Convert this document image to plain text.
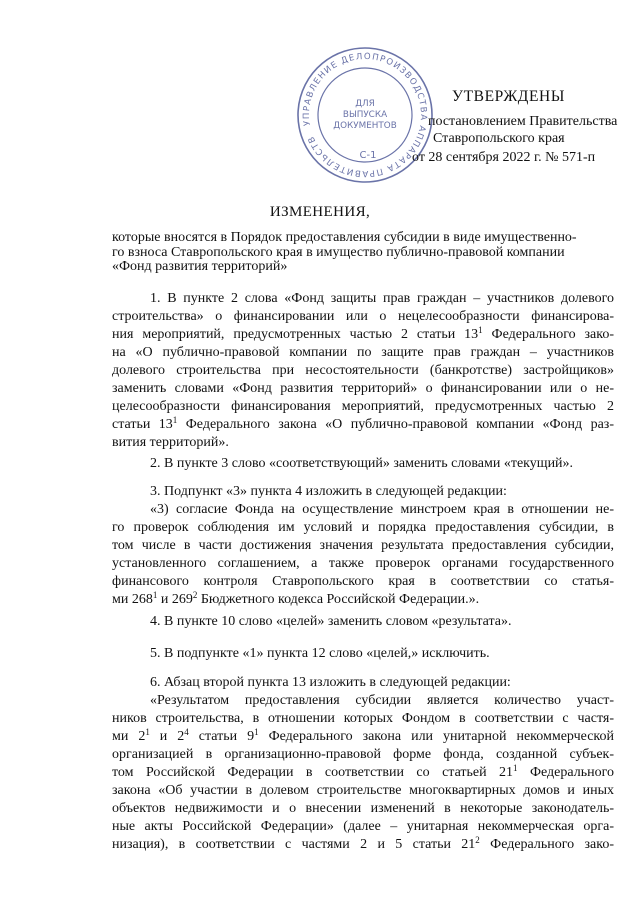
УПРАВЛЕНИЕ ДЕЛОПРОИЗВОДСТВА АППАРАТА ПРАВИТЕЛЬСТВА
ДЛЯ
ВЫПУСКА
ДОКУМЕНТОВ
С-1
УТВЕРЖДЕНЫ
постановлением Правительства
Ставропольского края
от 28 сентября 2022 г. № 571-п
ИЗМЕНЕНИЯ,
которые вносятся в Порядок предоставления субсидии в виде имущественно-
го взноса Ставропольского края в имущество публично-правовой компании
«Фонд развития территорий»
1. В пункте 2 слова «Фонд защиты прав граждан – участников долевого
строительства» о финансировании или о нецелесообразности финансирова-
ния мероприятий, предусмотренных частью 2 статьи $13^1$ Федерального зако-
на «О публично-правовой компании по защите прав граждан – участников
долевого строительства при несостоятельности (банкротстве) застройщиков»
заменить словами «Фонд развития территорий» о финансировании или о не-
целесообразности финансирования мероприятий, предусмотренных частью 2
статьи $13^1$ Федерального закона «О публично-правовой компании «Фонд раз-
вития территорий».
2. В пункте 3 слово «соответствующий» заменить словами «текущий».
3. Подпункт «3» пункта 4 изложить в следующей редакции:
«3) согласие Фонда на осуществление минстроем края в отношении не-
го проверок соблюдения им условий и порядка предоставления субсидии, в
том числе в части достижения значения результата предоставления субсидии,
установленного соглашением, а также проверок органами государственного
финансового контроля Ставропольского края в соответствии со статья-
ми $268^1$ и $269^2$ Бюджетного кодекса Российской Федерации.».
4. В пункте 10 слово «целей» заменить словом «результата».
5. В подпункте «1» пункта 12 слово «целей,» исключить.
6. Абзац второй пункта 13 изложить в следующей редакции:
«Результатом предоставления субсидии является количество участ-
ников строительства, в отношении которых Фондом в соответствии с частя-
ми $2^1$ и $2^4$ статьи $9^1$ Федерального закона или унитарной некоммерческой
организацией в организационно-правовой форме фонда, созданной субъек-
том Российской Федерации в соответствии со статьей $21^1$ Федерального
закона «Об участии в долевом строительстве многоквартирных домов и иных
объектов недвижимости и о внесении изменений в некоторые законодатель-
ные акты Российской Федерации» (далее – унитарная некоммерческая орга-
низация), в соответствии с частями 2 и 5 статьи $21^2$ Федерального зако-
